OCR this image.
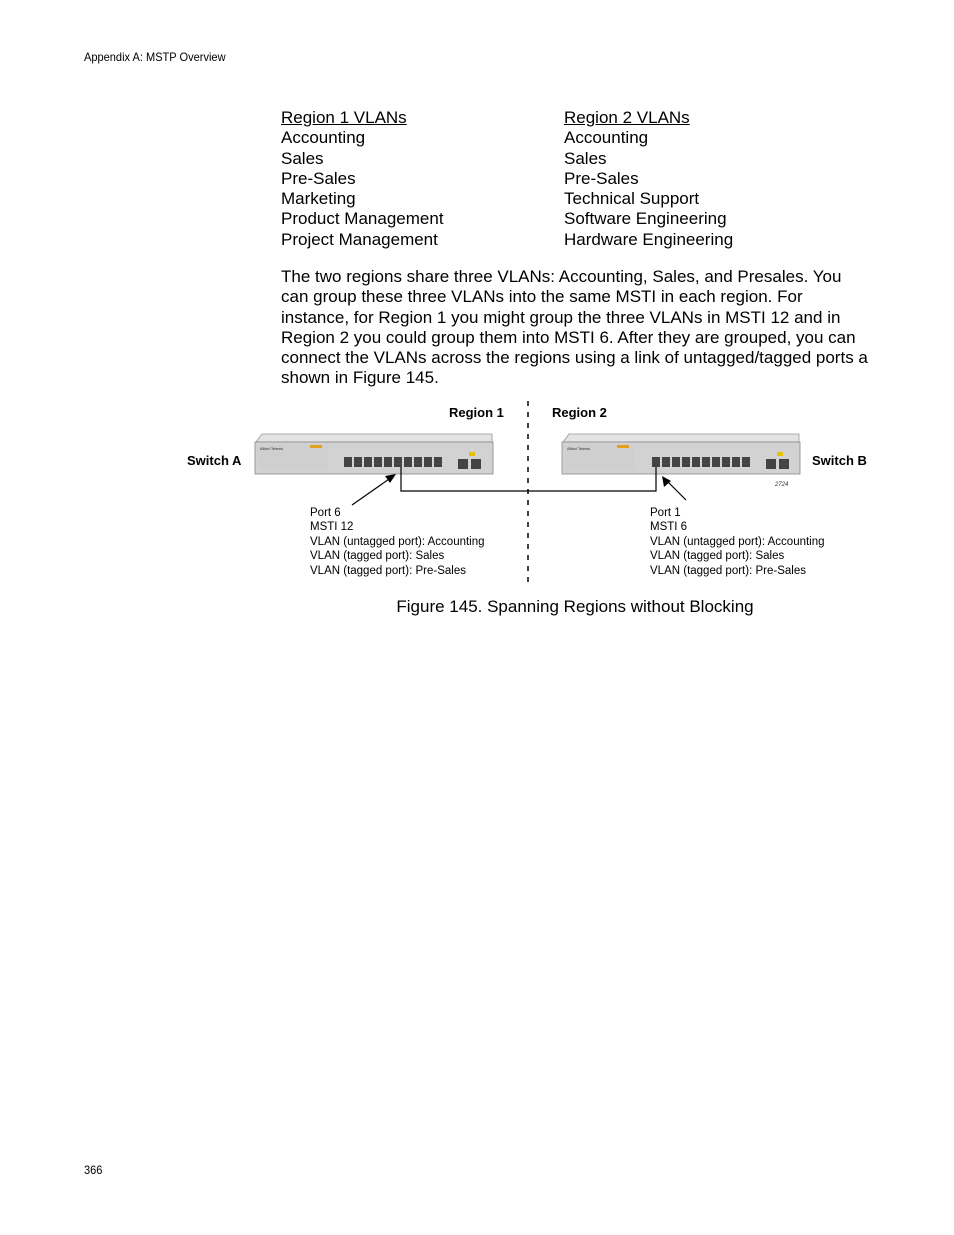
Appendix A: MSTP Overview
Region 1 VLANs
Accounting
Sales
Pre-Sales
Marketing
Product Management
Project Management
Region 2 VLANs
Accounting
Sales
Pre-Sales
Technical Support
Software Engineering
Hardware Engineering
The two regions share three VLANs: Accounting, Sales, and Presales. You
can group these three VLANs into the same MSTI in each region. For
instance, for Region 1 you might group the three VLANs in MSTI 12 and in
Region 2 you could group them into MSTI 6. After they are grouped, you can
connect the VLANs across the regions using a link of untagged/tagged ports a
shown in Figure 145.
Region 1	Region 2
Switch A
Allied Telesis
Switch B
Allied Telesis
2724
Port 6
MSTI 12
VLAN (untagged port): Accounting
VLAN (tagged port): Sales
VLAN (tagged port): Pre-Sales
Port 1
MSTI 6
VLAN (untagged port): Accounting
VLAN (tagged port): Sales
VLAN (tagged port): Pre-Sales
Figure 145. Spanning Regions without Blocking
366
